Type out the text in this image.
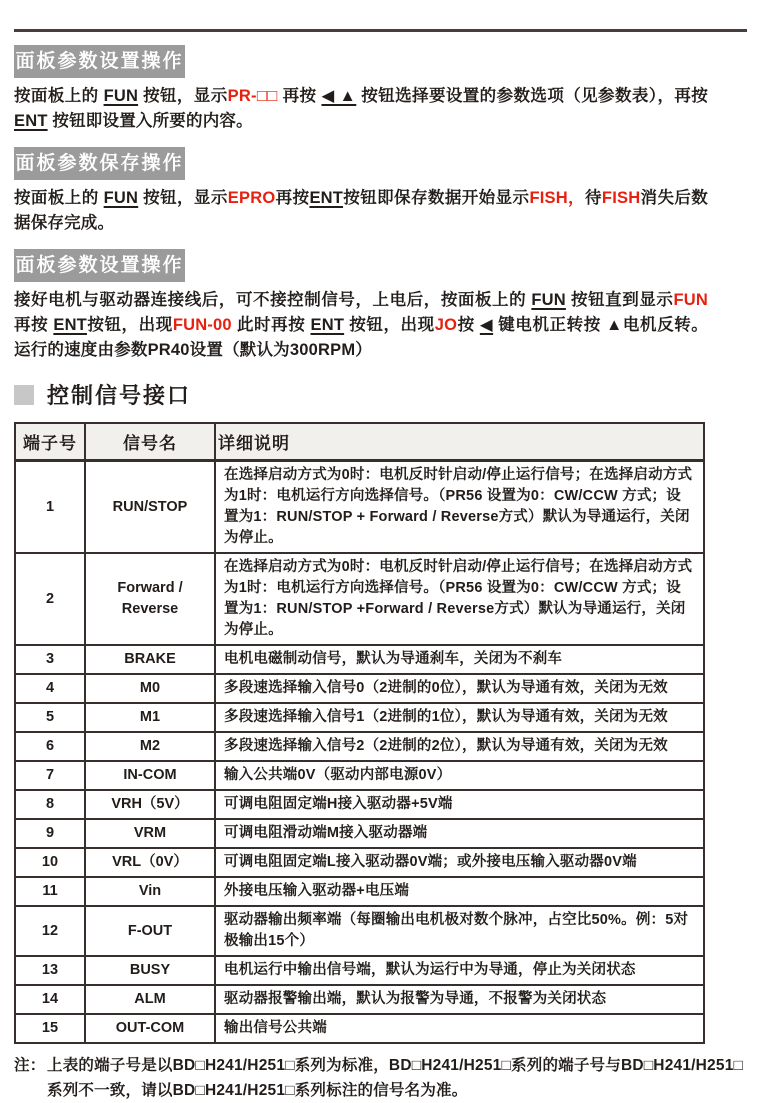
面板参数设置操作

按面板上的 FUN 按钮，显示PR-□□ 再按 ◀ ▲ 按钮选择要设置的参数选项（见参数表），再按ENT 按钮即设置入所要的内容。

面板参数保存操作

按面板上的 FUN 按钮，显示EPRO再按ENT按钮即保存数据开始显示FISH，待FISH消失后数据保存完成。

面板参数设置操作

接好电机与驱动器连接线后，可不接控制信号，上电后，按面板上的 FUN 按钮直到显示FUN再按 ENT按钮，出现FUN-00 此时再按 ENT 按钮，出现JO按 ◀ 键电机正转按 ▲电机反转。运行的速度由参数PR40设置（默认为300RPM）

控制信号接口
端子号	信号名	详细说明
1	RUN/STOP	在选择启动方式为0时：电机反时针启动/停止运行信号；在选择启动方式为1时：电机运行方向选择信号。（PR56 设置为0：CW/CCW 方式；设置为1：RUN/STOP + Forward / Reverse方式）默认为导通运行，关闭为停止。
2	Forward / Reverse	在选择启动方式为0时：电机反时针启动/停止运行信号；在选择启动方式为1时：电机运行方向选择信号。（PR56 设置为0：CW/CCW 方式；设置为1：RUN/STOP +Forward / Reverse方式）默认为导通运行，关闭为停止。
3	BRAKE	电机电磁制动信号，默认为导通刹车，关闭为不刹车
4	M0	多段速选择输入信号0（2进制的0位），默认为导通有效，关闭为无效
5	M1	多段速选择输入信号1（2进制的1位），默认为导通有效，关闭为无效
6	M2	多段速选择输入信号2（2进制的2位），默认为导通有效，关闭为无效
7	IN-COM	输入公共端0V（驱动内部电源0V）
8	VRH（5V）	可调电阻固定端H接入驱动器+5V端
9	VRM	可调电阻滑动端M接入驱动器端
10	VRL（0V）	可调电阻固定端L接入驱动器0V端；或外接电压输入驱动器0V端
11	Vin	外接电压输入驱动器+电压端
12	F-OUT	驱动器输出频率端（每圈输出电机极对数个脉冲，占空比50%。例：5对极输出15个）
13	BUSY	电机运行中输出信号端，默认为运行中为导通，停止为关闭状态
14	ALM	驱动器报警输出端，默认为报警为导通，不报警为关闭状态
15	OUT-COM	输出信号公共端
注： 上表的端子号是以BD□H241/H251□系列为标准，BD□H241/H251□系列的端子号与BD□H241/H251□系列不一致，请以BD□H241/H251□系列标注的信号名为准。
